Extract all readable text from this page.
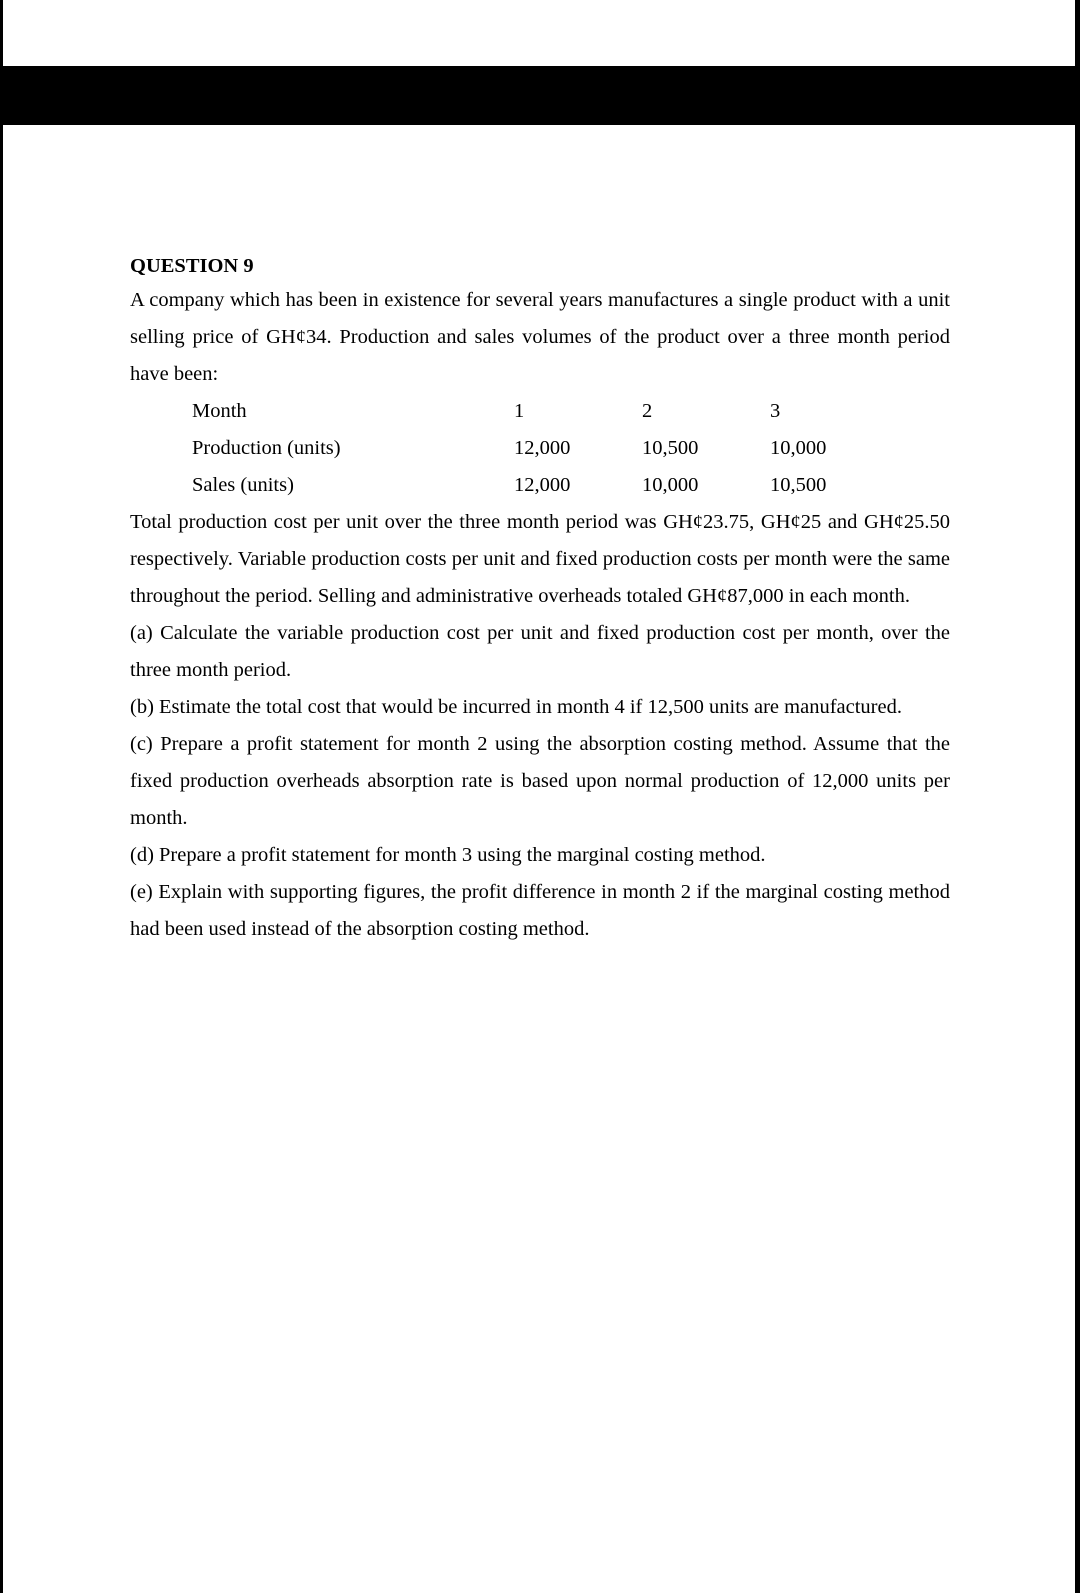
QUESTION 9

A company which has been in existence for several years manufactures a single product with a unit selling price of GH¢34. Production and sales volumes of the product over a three month period have been:

Month	1	2	3
Production (units)	12,000	10,500	10,000
Sales (units)	12,000	10,000	10,500

Total production cost per unit over the three month period was GH¢23.75, GH¢25 and GH¢25.50 respectively. Variable production costs per unit and fixed production costs per month were the same throughout the period. Selling and administrative overheads totaled GH¢87,000 in each month.

(a) Calculate the variable production cost per unit and fixed production cost per month, over the three month period.

(b) Estimate the total cost that would be incurred in month 4 if 12,500 units are manufactured.

(c) Prepare a profit statement for month 2 using the absorption costing method. Assume that the fixed production overheads absorption rate is based upon normal production of 12,000 units per month.

(d) Prepare a profit statement for month 3 using the marginal costing method.

(e) Explain with supporting figures, the profit difference in month 2 if the marginal costing method had been used instead of the absorption costing method.
